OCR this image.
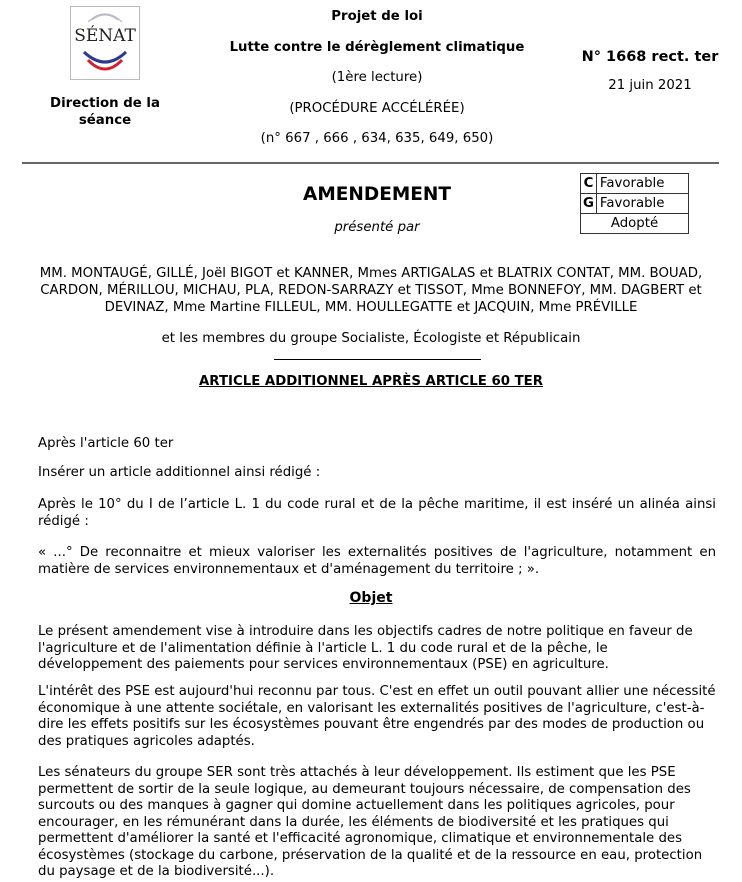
SÉNAT
Direction de la séance
Projet de loi
Lutte contre le dérèglement climatique
(1ère lecture)
(PROCÉDURE ACCÉLÉRÉE)
(n° 667 , 666 , 634, 635, 649, 650)
N° 1668 rect. ter
21 juin 2021
AMENDEMENT
présenté par
C	Favorable
G	Favorable
Adopté	
MM. MONTAUGÉ, GILLÉ, Joël BIGOT et KANNER, Mmes ARTIGALAS et BLATRIX CONTAT, MM. BOUAD, CARDON, MÉRILLOU, MICHAU, PLA, REDON-SARRAZY et TISSOT, Mme BONNEFOY, MM. DAGBERT et DEVINAZ, Mme Martine FILLEUL, MM. HOULLEGATTE et JACQUIN, Mme PRÉVILLE
et les membres du groupe Socialiste, Écologiste et Républicain
ARTICLE ADDITIONNEL APRÈS ARTICLE 60 TER
Après l'article 60 ter
Insérer un article additionnel ainsi rédigé :
Après le 10° du I de l’article L. 1 du code rural et de la pêche maritime, il est inséré un alinéa ainsi rédigé :
« ...° De reconnaitre et mieux valoriser les externalités positives de l'agriculture, notamment en matière de services environnementaux et d'aménagement du territoire ; ».
Objet
Le présent amendement vise à introduire dans les objectifs cadres de notre politique en faveur de l'agriculture et de l'alimentation définie à l'article L. 1 du code rural et de la pêche, le développement des paiements pour services environnementaux (PSE) en agriculture.
L'intérêt des PSE est aujourd'hui reconnu par tous. C'est en effet un outil pouvant allier une nécessité économique à une attente sociétale, en valorisant les externalités positives de l'agriculture, c'est-à-dire les effets positifs sur les écosystèmes pouvant être engendrés par des modes de production ou des pratiques agricoles adaptés.
Les sénateurs du groupe SER sont très attachés à leur développement. Ils estiment que les PSE permettent de sortir de la seule logique, au demeurant toujours nécessaire, de compensation des surcouts ou des manques à gagner qui domine actuellement dans les politiques agricoles, pour encourager, en les rémunérant dans la durée, les éléments de biodiversité et les pratiques qui permettent d'améliorer la santé et l'efficacité agronomique, climatique et environnementale des écosystèmes (stockage du carbone, préservation de la qualité et de la ressource en eau, protection du paysage et de la biodiversité...).
